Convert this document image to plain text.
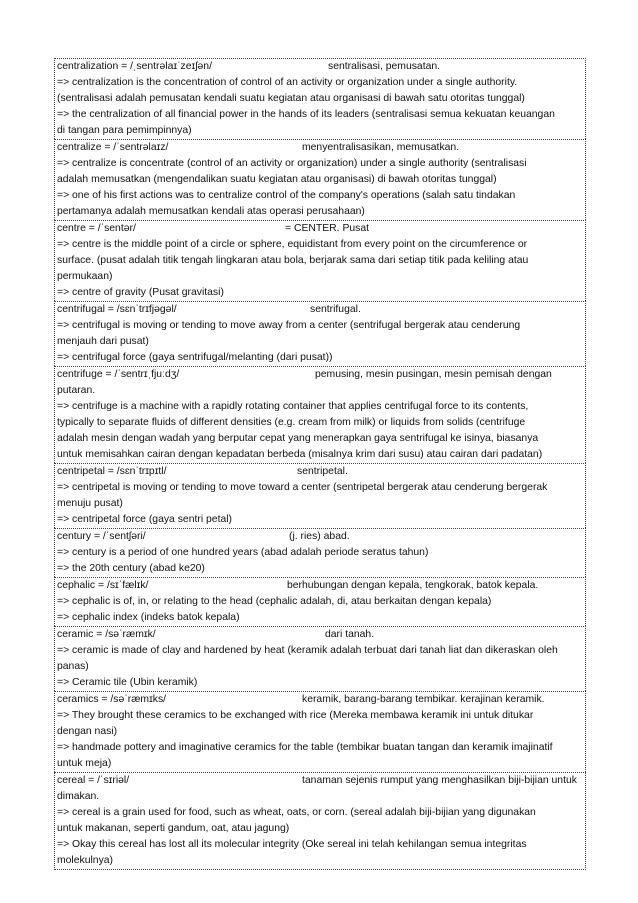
centralization = /ˌsentrəlaɪˈzeɪʃən/	sentralisasi, pemusatan.
=> centralization is the concentration of control of an activity or organization under a single authority.
(sentralisasi adalah pemusatan kendali suatu kegiatan atau organisasi di bawah satu otoritas tunggal)
=> the centralization of all financial power in the hands of its leaders (sentralisasi semua kekuatan keuangan
di tangan para pemimpinnya)
centralize = /ˈsentrəlaɪz/	menyentralisasikan, memusatkan.
=> centralize is concentrate (control of an activity or organization) under a single authority (sentralisasi
adalah memusatkan (mengendalikan suatu kegiatan atau organisasi) di bawah otoritas tunggal)
=> one of his first actions was to centralize control of the company's operations (salah satu tindakan
pertamanya adalah memusatkan kendali atas operasi perusahaan)
centre = /ˈsentər/	= CENTER. Pusat
=> centre is the middle point of a circle or sphere, equidistant from every point on the circumference or
surface. (pusat adalah titik tengah lingkaran atau bola, berjarak sama dari setiap titik pada keliling atau
permukaan)
=> centre of gravity (Pusat gravitasi)
centrifugal = /sɛnˈtrɪfjəgəl/	sentrifugal.
=> centrifugal is moving or tending to move away from a center (sentrifugal bergerak atau cenderung
menjauh dari pusat)
=> centrifugal force (gaya sentrifugal/melanting (dari pusat))
centrifuge = /ˈsentrɪˌfjuːdʒ/	pemusing, mesin pusingan, mesin pemisah dengan
putaran.
=> centrifuge is a machine with a rapidly rotating container that applies centrifugal force to its contents,
typically to separate fluids of different densities (e.g. cream from milk) or liquids from solids (centrifuge
adalah mesin dengan wadah yang berputar cepat yang menerapkan gaya sentrifugal ke isinya, biasanya
untuk memisahkan cairan dengan kepadatan berbeda (misalnya krim dari susu) atau cairan dari padatan)
centripetal = /sɛnˈtrɪpɪtl/	sentripetal.
=> centripetal is moving or tending to move toward a center (sentripetal bergerak atau cenderung bergerak
menuju pusat)
=> centripetal force (gaya sentri petal)
century = /ˈsentʃəri/	(j. ries) abad.
=> century is a period of one hundred years (abad adalah periode seratus tahun)
=> the 20th century (abad ke20)
cephalic = /sɪˈfælɪk/	berhubungan dengan kepala, tengkorak, batok kepala.
=> cephalic is of, in, or relating to the head (cephalic adalah, di, atau berkaitan dengan kepala)
=> cephalic index (indeks batok kepala)
ceramic = /səˈræmɪk/	dari tanah.
=> ceramic is made of clay and hardened by heat (keramik adalah terbuat dari tanah liat dan dikeraskan oleh
panas)
=> Ceramic tile (Ubin keramik)
ceramics = /səˈræmɪks/	keramik, barang-barang tembikar. kerajinan keramik.
=> They brought these ceramics to be exchanged with rice (Mereka membawa keramik ini untuk ditukar
dengan nasi)
=> handmade pottery and imaginative ceramics for the table (tembikar buatan tangan dan keramik imajinatif
untuk meja)
cereal = /ˈsɪriəl/	tanaman sejenis rumput yang menghasilkan biji-bijian untuk
dimakan.
=> cereal is a grain used for food, such as wheat, oats, or corn. (sereal adalah biji-bijian yang digunakan
untuk makanan, seperti gandum, oat, atau jagung)
=> Okay this cereal has lost all its molecular integrity (Oke sereal ini telah kehilangan semua integritas
molekulnya)
